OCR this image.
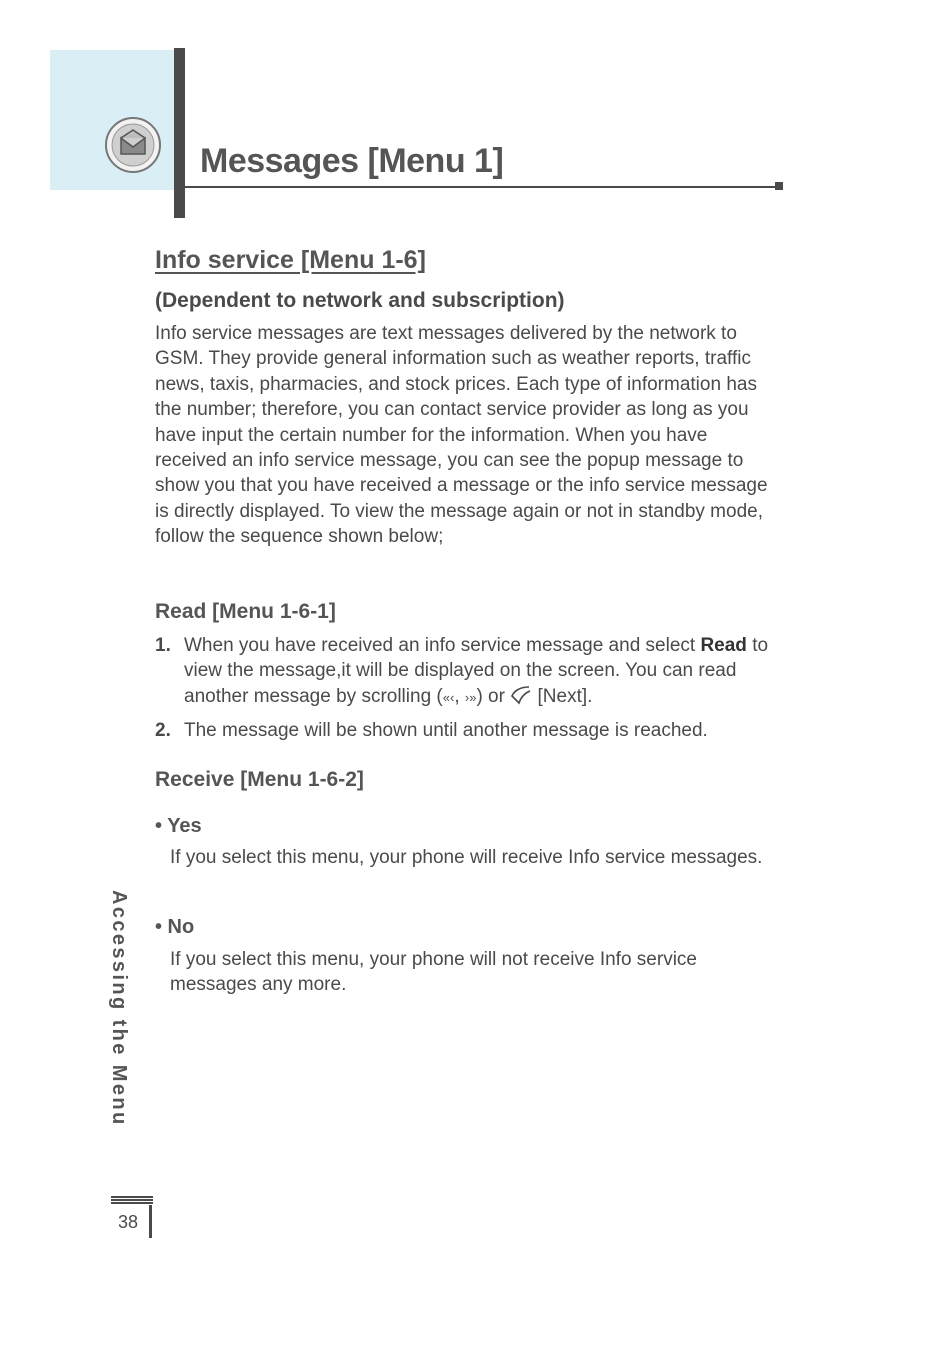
Messages [Menu 1]
Info service [Menu 1-6]
(Dependent to network and subscription)

Info service messages are text messages delivered by the network to GSM. They provide general information such as weather reports, traffic news, taxis, pharmacies, and stock prices. Each type of information has the number; therefore, you can contact service provider as long as you have input the certain number for the information. When you have received an info service message, you can see the popup message to show you that you have received a message or the info service message is directly displayed. To view the message again or not in standby mode, follow the sequence shown below;

Read [Menu 1-6-1]
1. When you have received an info service message and select Read to view the message,it will be displayed on the screen. You can read another message by scrolling («‹, ›») or  [Next].
2. The message will be shown until another message is reached.
Receive [Menu 1-6-2]

• Yes

If you select this menu, your phone will receive Info service messages.

• No

If you select this menu, your phone will not receive Info service messages any more.

Accessing the Menu

38
